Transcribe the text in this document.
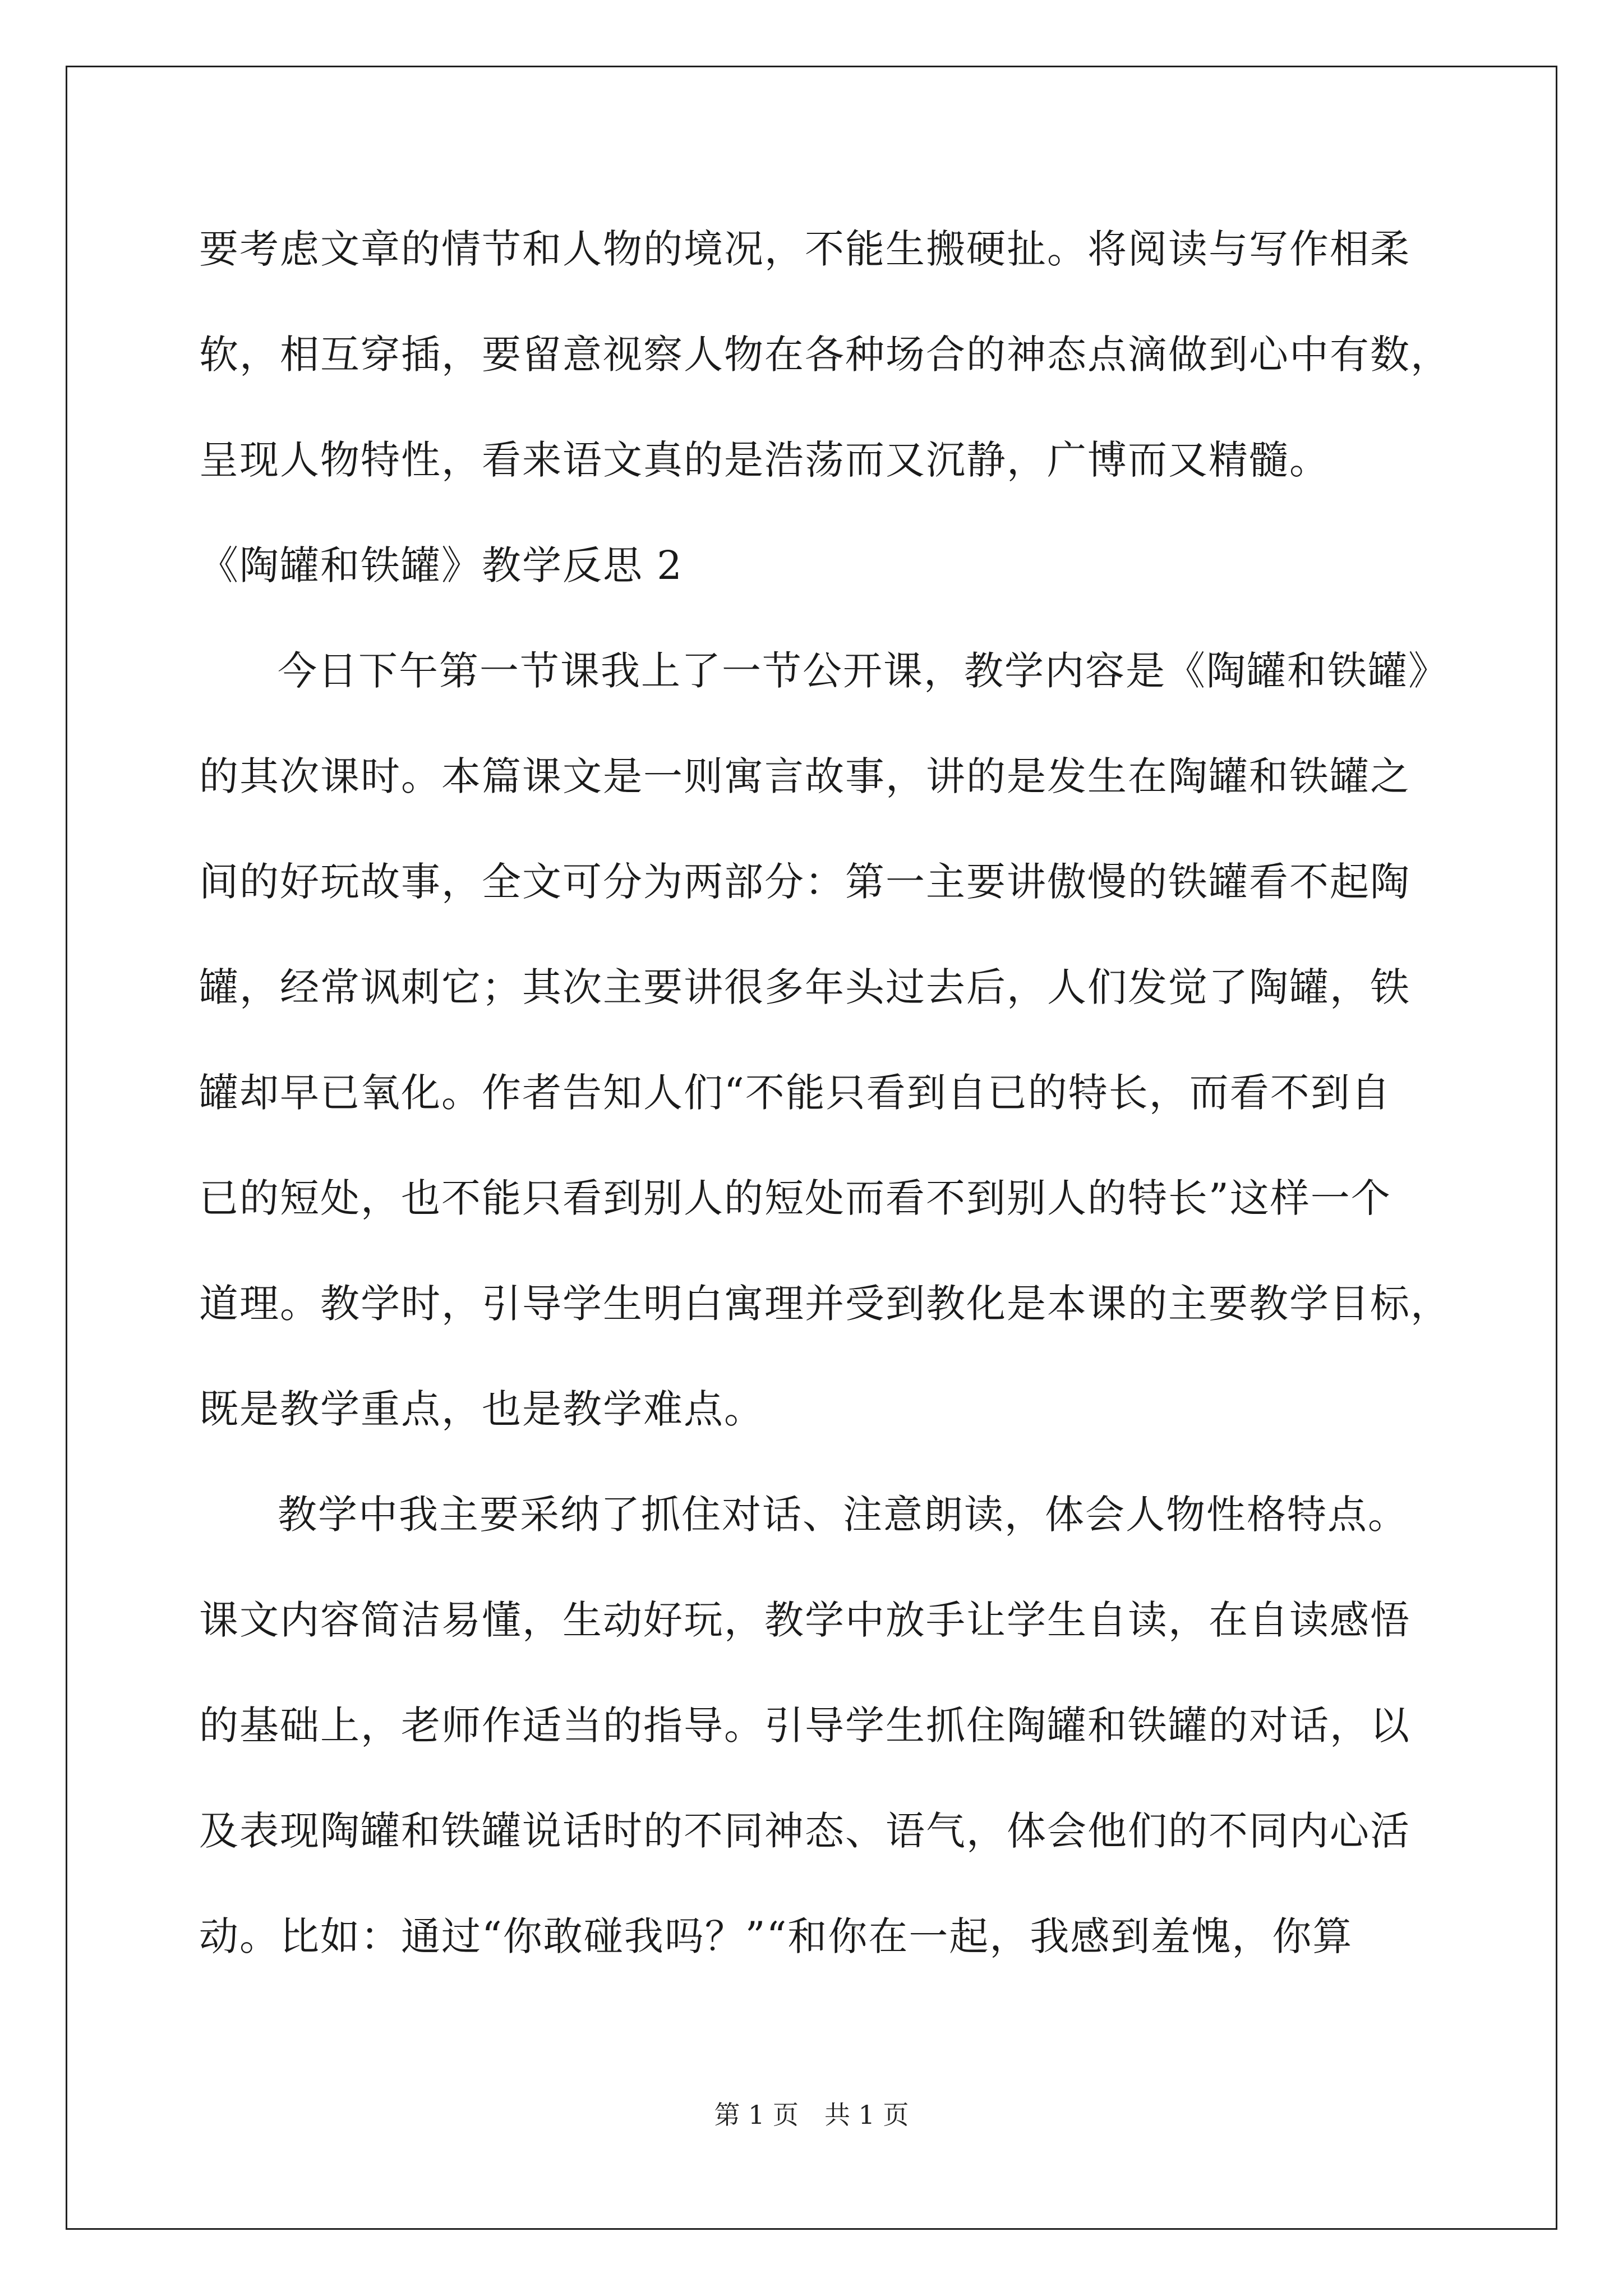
要考虑文章的情节和人物的境况，不能生搬硬扯。将阅读与写作相柔
软，相互穿插，要留意视察人物在各种场合的神态点滴做到心中有数，
呈现人物特性，看来语文真的是浩荡而又沉静，广博而又精髓。
《陶罐和铁罐》教学反思 2
今日下午第一节课我上了一节公开课，教学内容是《陶罐和铁罐》
的其次课时。本篇课文是一则寓言故事，讲的是发生在陶罐和铁罐之
间的好玩故事，全文可分为两部分：第一主要讲傲慢的铁罐看不起陶
罐，经常讽刺它；其次主要讲很多年头过去后，人们发觉了陶罐，铁
罐却早已氧化。作者告知人们“不能只看到自已的特长，而看不到自
已的短处，也不能只看到别人的短处而看不到别人的特长”这样一个
道理。教学时，引导学生明白寓理并受到教化是本课的主要教学目标，
既是教学重点，也是教学难点。
教学中我主要采纳了抓住对话、注意朗读，体会人物性格特点。
课文内容简洁易懂，生动好玩，教学中放手让学生自读，在自读感悟
的基础上，老师作适当的指导。引导学生抓住陶罐和铁罐的对话，以
及表现陶罐和铁罐说话时的不同神态、语气，体会他们的不同内心活
动。比如：通过“你敢碰我吗？”“和你在一起，我感到羞愧，你算
第 1 页　共 1 页
